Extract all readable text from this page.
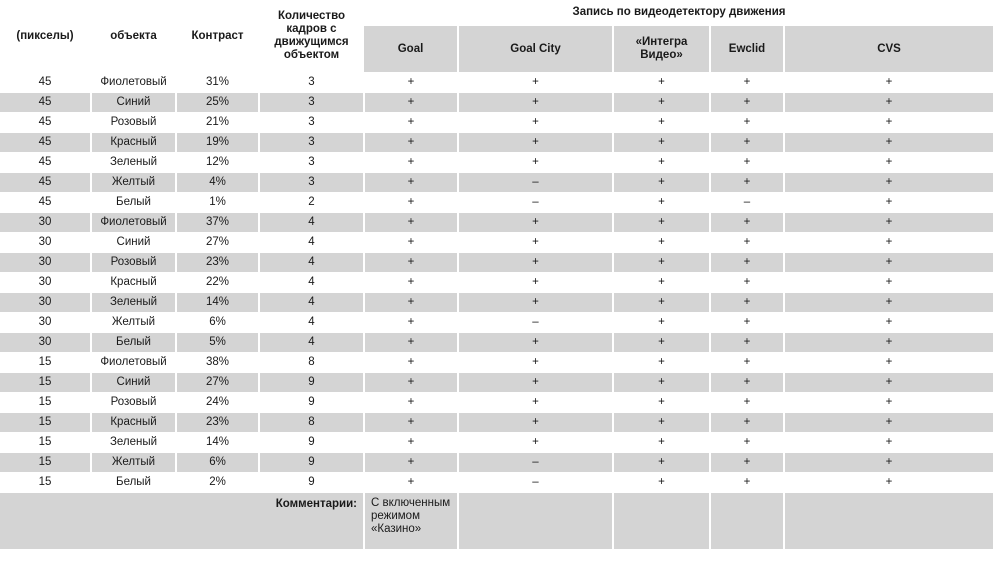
(пикселы)	объекта	Контраст	Количество кадров с движущимся объектом	Запись по видеодетектору движения				
				Goal	Goal City	«Интегра Видео»	Ewclid	CVS
45	Фиолетовый	31%	3	+	+	+	+	+
45	Синий	25%	3	+	+	+	+	+
45	Розовый	21%	3	+	+	+	+	+
45	Красный	19%	3	+	+	+	+	+
45	Зеленый	12%	3	+	+	+	+	+
45	Желтый	4%	3	+	–	+	+	+
45	Белый	1%	2	+	–	+	–	+
30	Фиолетовый	37%	4	+	+	+	+	+
30	Синий	27%	4	+	+	+	+	+
30	Розовый	23%	4	+	+	+	+	+
30	Красный	22%	4	+	+	+	+	+
30	Зеленый	14%	4	+	+	+	+	+
30	Желтый	6%	4	+	–	+	+	+
30	Белый	5%	4	+	+	+	+	+
15	Фиолетовый	38%	8	+	+	+	+	+
15	Синий	27%	9	+	+	+	+	+
15	Розовый	24%	9	+	+	+	+	+
15	Красный	23%	8	+	+	+	+	+
15	Зеленый	14%	9	+	+	+	+	+
15	Желтый	6%	9	+	–	+	+	+
15	Белый	2%	9	+	–	+	+	+
Комментарии:				С включенным режимом «Казино»				
